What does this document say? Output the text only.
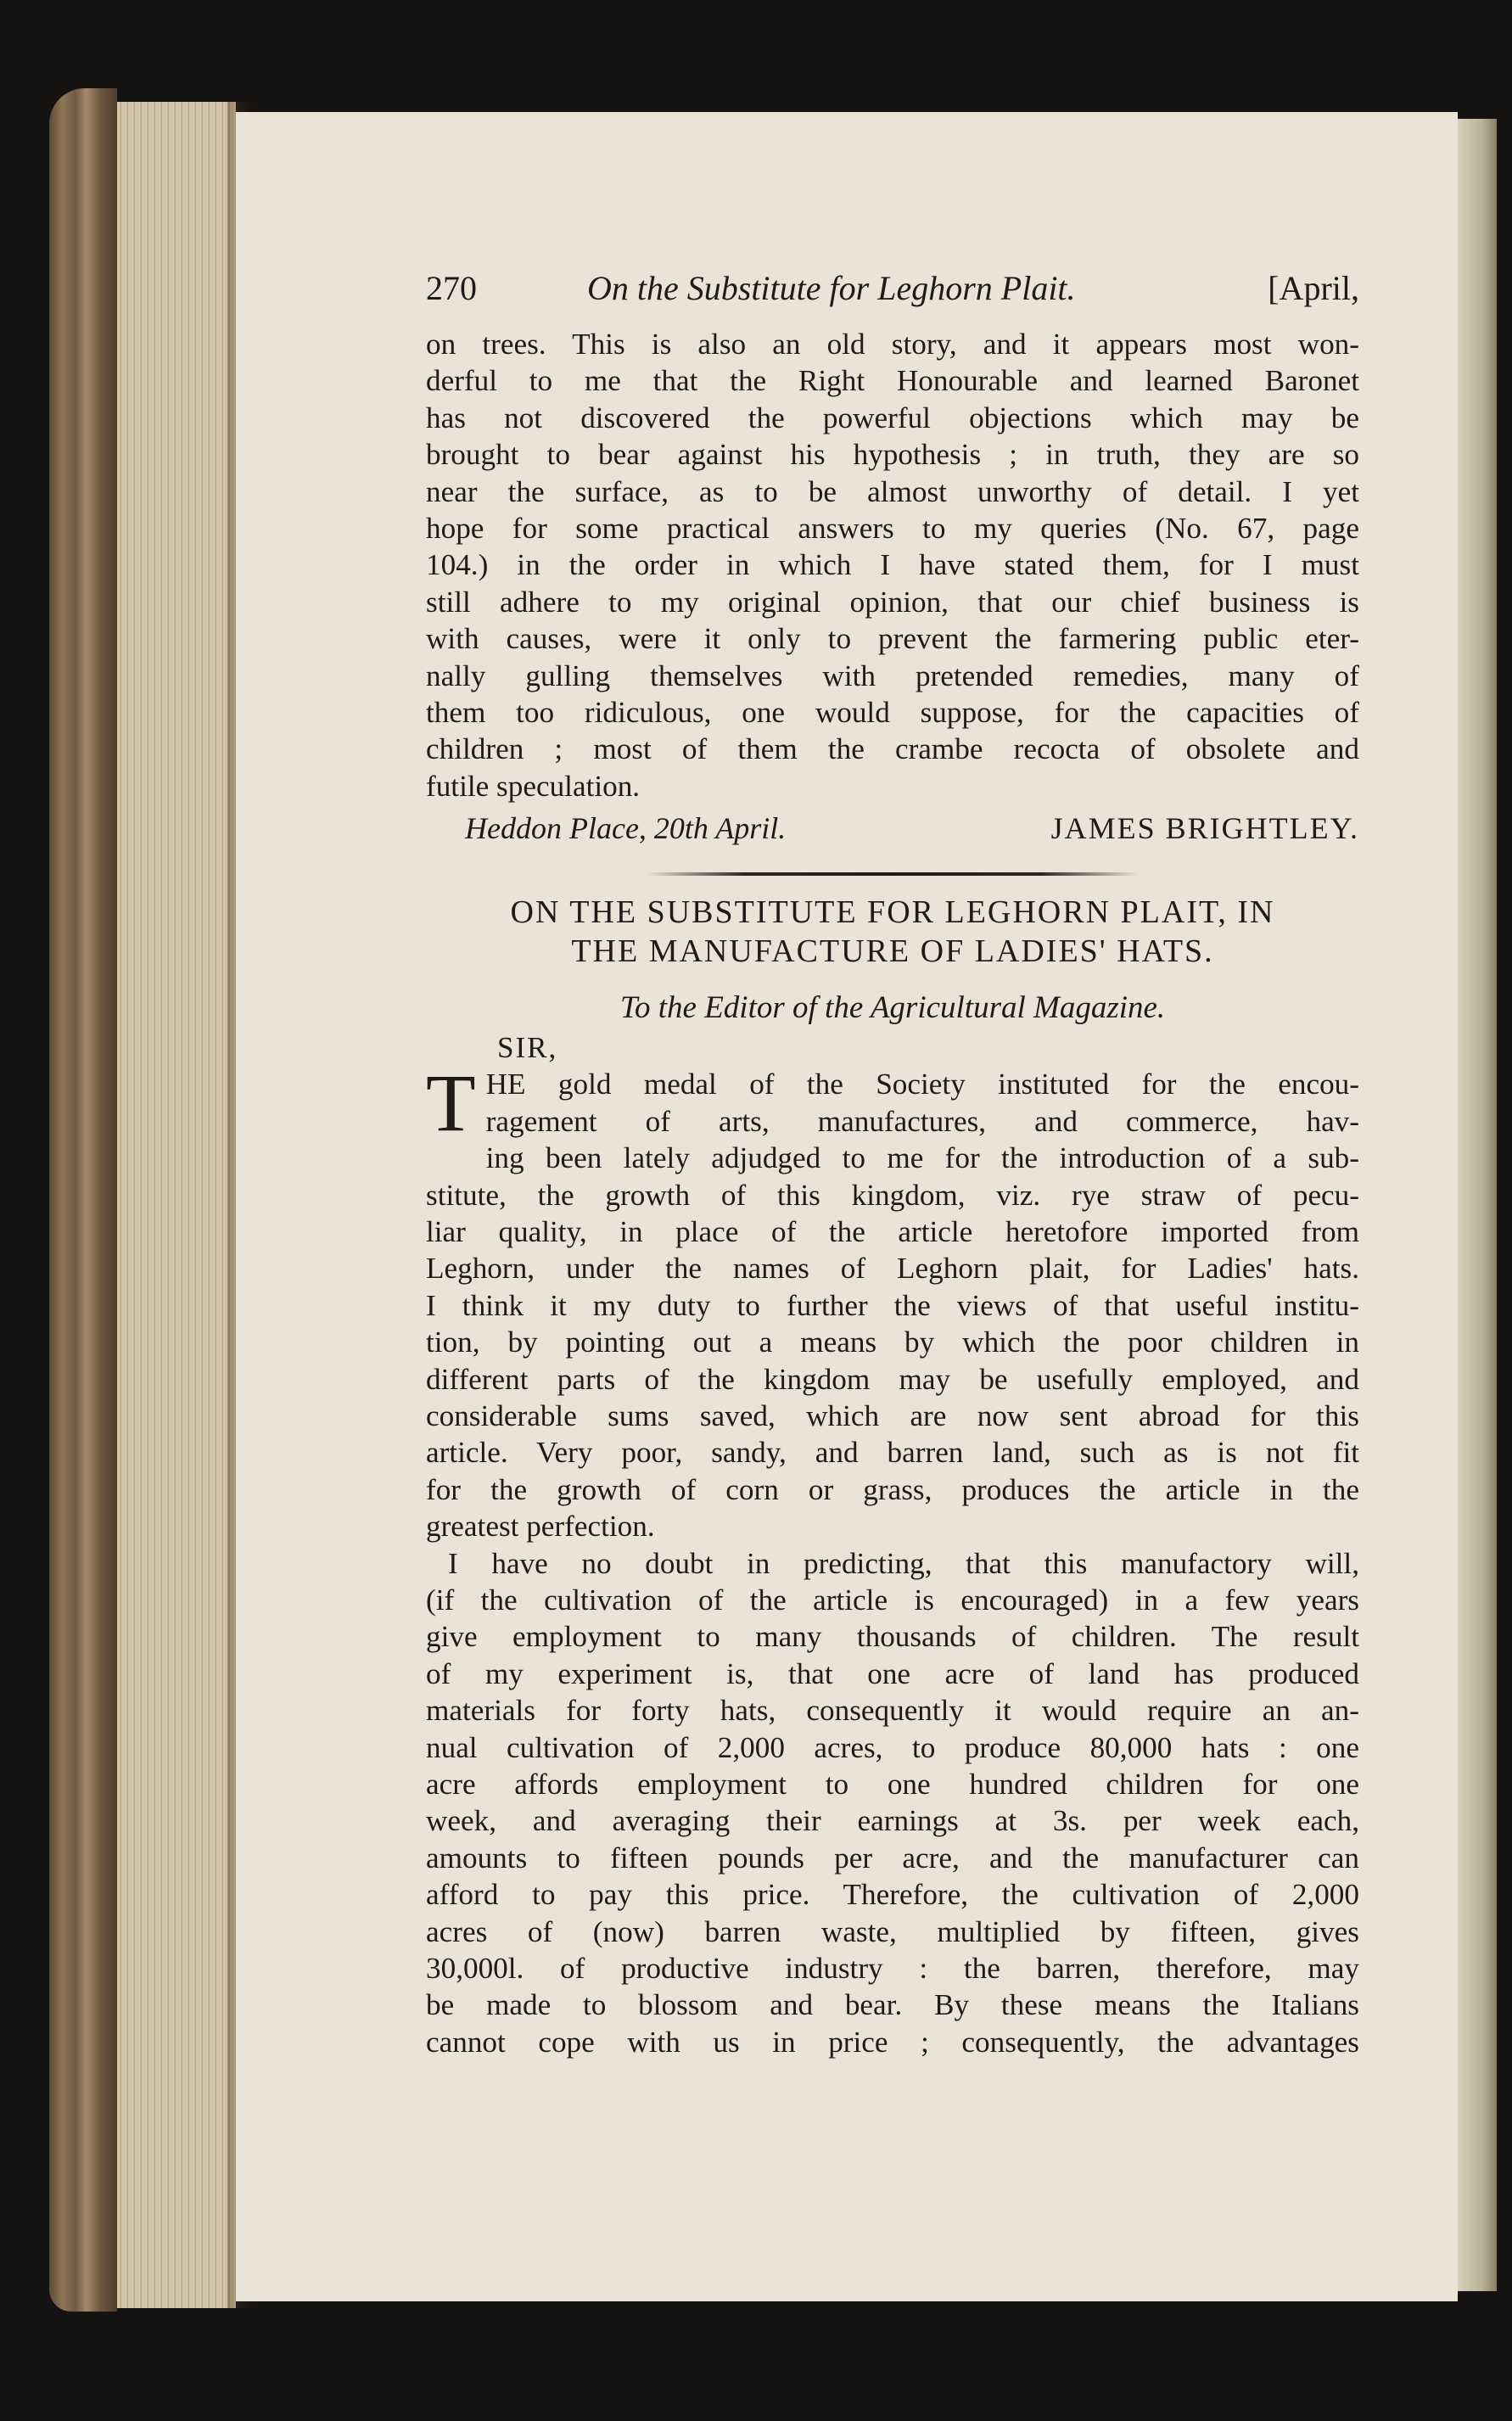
270	On the Substitute for Leghorn Plait.	[April,
on trees. This is also an old story, and it appears most won-
derful to me that the Right Honourable and learned Baronet
has not discovered the powerful objections which may be
brought to bear against his hypothesis ; in truth, they are so
near the surface, as to be almost unworthy of detail. I yet
hope for some practical answers to my queries (No. 67, page
104.) in the order in which I have stated them, for I must
still adhere to my original opinion, that our chief business is
with causes, were it only to prevent the farmering public eter-
nally gulling themselves with pretended remedies, many of
them too ridiculous, one would suppose, for the capacities of
children ; most of them the crambe recocta of obsolete and
futile speculation.
Heddon Place, 20th April.	JAMES BRIGHTLEY.

ON THE SUBSTITUTE FOR LEGHORN PLAIT, IN
THE MANUFACTURE OF LADIES' HATS.

To the Editor of the Agricultural Magazine.
SIR,
T HE gold medal of the Society instituted for the encou-
ragement of arts, manufactures, and commerce, hav-
ing been lately adjudged to me for the introduction of a sub-
stitute, the growth of this kingdom, viz. rye straw of pecu-
liar quality, in place of the article heretofore imported from
Leghorn, under the names of Leghorn plait, for Ladies' hats.
I think it my duty to further the views of that useful institu-
tion, by pointing out a means by which the poor children in
different parts of the kingdom may be usefully employed, and
considerable sums saved, which are now sent abroad for this
article. Very poor, sandy, and barren land, such as is not fit
for the growth of corn or grass, produces the article in the
greatest perfection.
I have no doubt in predicting, that this manufactory will,
(if the cultivation of the article is encouraged) in a few years
give employment to many thousands of children. The result
of my experiment is, that one acre of land has produced
materials for forty hats, consequently it would require an an-
nual cultivation of 2,000 acres, to produce 80,000 hats : one
acre affords employment to one hundred children for one
week, and averaging their earnings at 3s. per week each,
amounts to fifteen pounds per acre, and the manufacturer can
afford to pay this price. Therefore, the cultivation of 2,000
acres of (now) barren waste, multiplied by fifteen, gives
30,000l. of productive industry : the barren, therefore, may
be made to blossom and bear. By these means the Italians
cannot cope with us in price ; consequently, the advantages
